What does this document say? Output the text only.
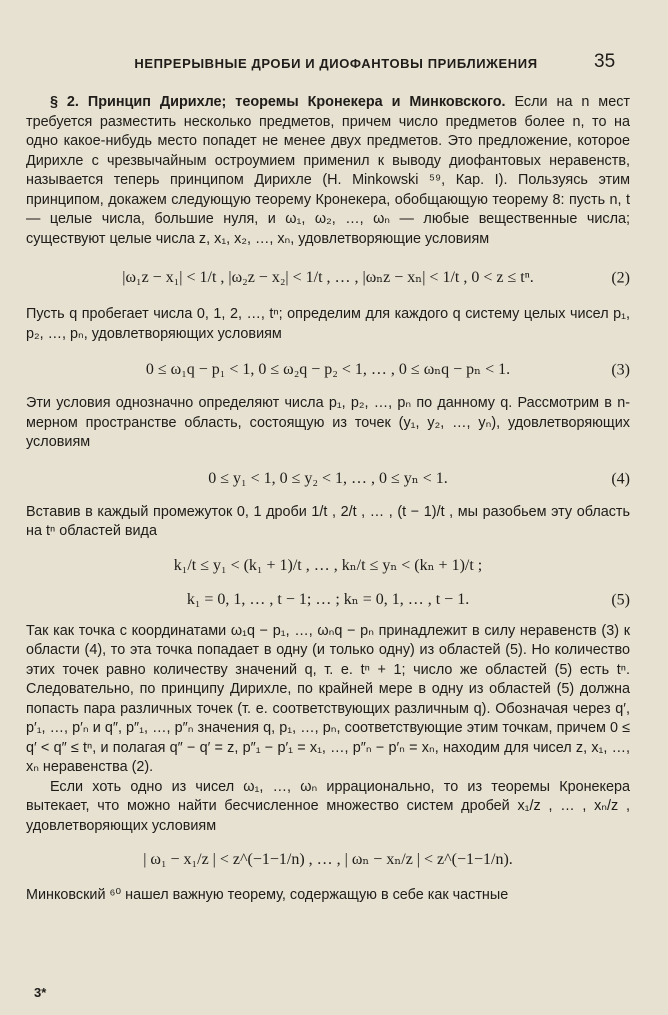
НЕПРЕРЫВНЫЕ ДРОБИ И ДИОФАНТОВЫ ПРИБЛИЖЕНИЯ	35

§ 2. Принцип Дирихле; теоремы Кронекера и Минковского. Если на n мест требуется разместить несколько предметов, причем число предметов более n, то на одно какое-нибудь место попадет не менее двух предметов. Это предложение, которое Дирихле с чрезвычайным остроумием применил к выводу диофантовых неравенств, называется теперь принципом Дирихле (H. Minkowski ⁵⁹, Кар. I). Пользуясь этим принципом, докажем следующую теорему Кронекера, обобщающую теорему 8: пусть n, t — целые числа, большие нуля, и ω₁, ω₂, …, ωₙ — любые вещественные числа; существуют целые числа z, x₁, x₂, …, xₙ, удовлетворяющие условиям

|ω₁z − x₁| < 1/t , |ω₂z − x₂| < 1/t , … , |ωₙz − xₙ| < 1/t , 0 < z ≤ tⁿ.	(2)

Пусть q пробегает числа 0, 1, 2, …, tⁿ; определим для каждого q систему целых чисел p₁, p₂, …, pₙ, удовлетворяющих условиям

0 ≤ ω₁q − p₁ < 1, 0 ≤ ω₂q − p₂ < 1, … , 0 ≤ ωₙq − pₙ < 1.	(3)

Эти условия однозначно определяют числа p₁, p₂, …, pₙ по данному q. Рассмотрим в n-мерном пространстве область, состоящую из точек (y₁, y₂, …, yₙ), удовлетворяющих условиям

0 ≤ y₁ < 1, 0 ≤ y₂ < 1, … , 0 ≤ yₙ < 1.	(4)

Вставив в каждый промежуток 0, 1 дроби 1/t , 2/t , … , (t − 1)/t , мы разобьем эту область на tⁿ областей вида

k₁/t ≤ y₁ < (k₁ + 1)/t , … , kₙ/t ≤ yₙ < (kₙ + 1)/t ;
k₁ = 0, 1, … , t − 1; … ; kₙ = 0, 1, … , t − 1.	(5)

Так как точка с координатами ω₁q − p₁, …, ωₙq − pₙ принадлежит в силу неравенств (3) к области (4), то эта точка попадает в одну (и только одну) из областей (5). Но количество этих точек равно количеству значений q, т. е. tⁿ + 1; число же областей (5) есть tⁿ. Следовательно, по принципу Дирихле, по крайней мере в одну из областей (5) должна попасть пара различных точек (т. е. соответствующих различным q). Обозначая через q′, p′₁, …, p′ₙ и q″, p″₁, …, p″ₙ значения q, p₁, …, pₙ, соответствующие этим точкам, причем 0 ≤ q′ < q″ ≤ tⁿ, и полагая q″ − q′ = z, p″₁ − p′₁ = x₁, …, p″ₙ − p′ₙ = xₙ, находим для чисел z, x₁, …, xₙ неравенства (2).

Если хоть одно из чисел ω₁, …, ωₙ иррационально, то из теоремы Кронекера вытекает, что можно найти бесчисленное множество систем дробей x₁/z , … , xₙ/z , удовлетворяющих условиям

| ω₁ − x₁/z | < z^(−1−1/n) , … , | ωₙ − xₙ/z | < z^(−1−1/n).

Минковский ⁶⁰ нашел важную теорему, содержащую в себе как частные

3*
